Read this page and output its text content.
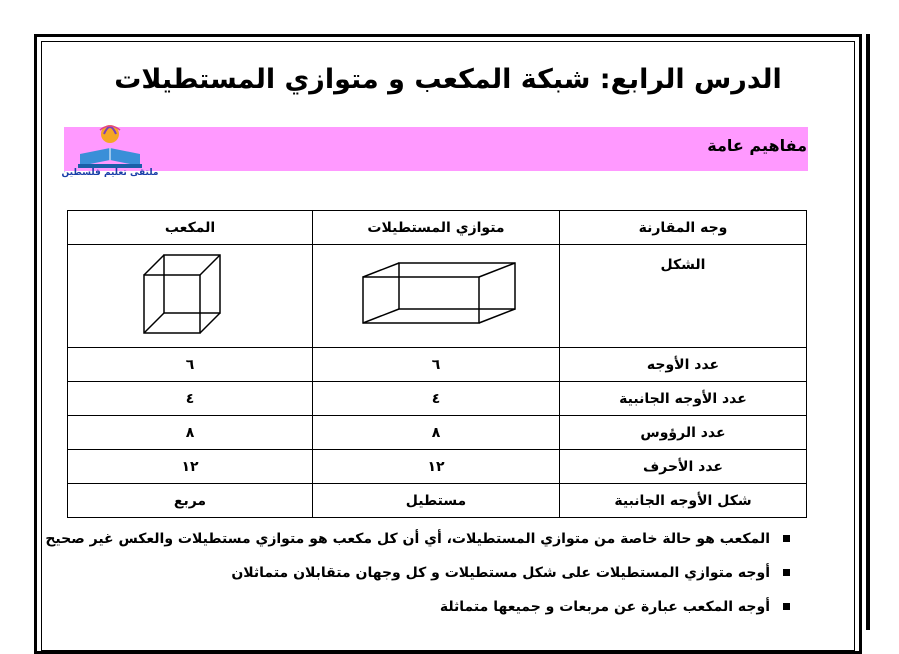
الدرس الرابع: شبكة المكعب و متوازي المستطيلات
مفاهيم عامة
ملتقى تعليم فلسطين
وجه المقارنة	متوازي المستطيلات	المكعب
الشكل		
عدد الأوجه	٦	٦
عدد الأوجه الجانبية	٤	٤
عدد الرؤوس	٨	٨
عدد الأحرف	١٢	١٢
شكل الأوجه الجانبية	مستطيل	مربع
المكعب هو حالة خاصة من متوازي المستطيلات، أي أن كل مكعب هو متوازي مستطيلات والعكس غير صحيح
أوجه متوازي المستطيلات على شكل مستطيلات و كل وجهان متقابلان متماثلان
أوجه المكعب عبارة عن مربعات و جميعها متماثلة
